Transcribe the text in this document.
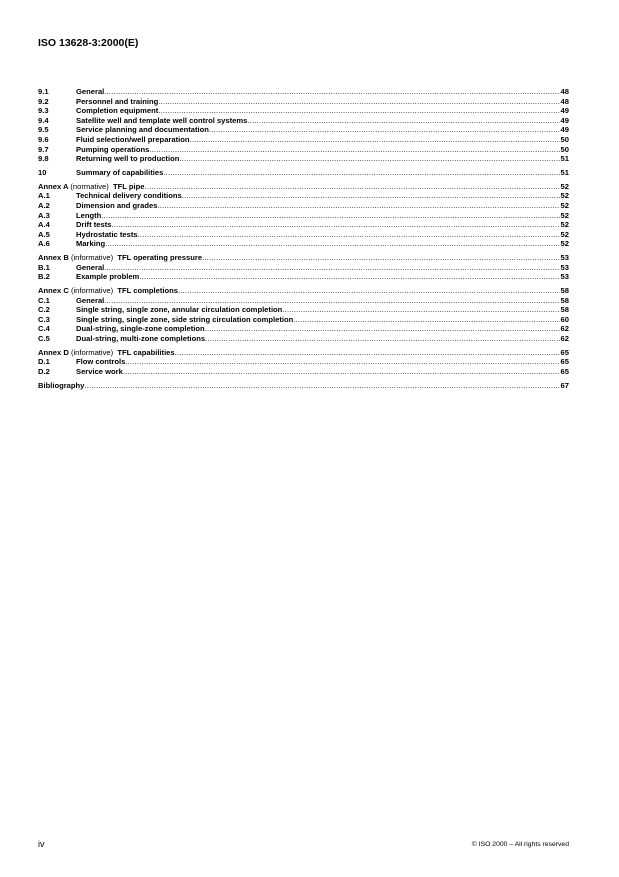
ISO 13628-3:2000(E)
9.1	General .....	48
9.2	Personnel and training .....	48
9.3	Completion equipment .....	49
9.4	Satellite well and template well control systems .....	49
9.5	Service planning and documentation .....	49
9.6	Fluid selection/well preparation .....	50
9.7	Pumping operations .....	50
9.8	Returning well to production .....	51
10	Summary of capabilities .....	51
Annex A (normative) TFL pipe .....	52
A.1	Technical delivery conditions .....	52
A.2	Dimension and grades .....	52
A.3	Length .....	52
A.4	Drift tests .....	52
A.5	Hydrostatic tests .....	52
A.6	Marking .....	52
Annex B (informative) TFL operating pressure .....	53
B.1	General .....	53
B.2	Example problem .....	53
Annex C (informative) TFL completions .....	58
C.1	General .....	58
C.2	Single string, single zone, annular circulation completion .....	58
C.3	Single string, single zone, side string circulation completion .....	60
C.4	Dual-string, single-zone completion .....	62
C.5	Dual-string, multi-zone completions .....	62
Annex D (informative) TFL capabilities .....	65
D.1	Flow controls .....	65
D.2	Service work .....	65
Bibliography .....	67
iv	© ISO 2000 – All rights reserved
